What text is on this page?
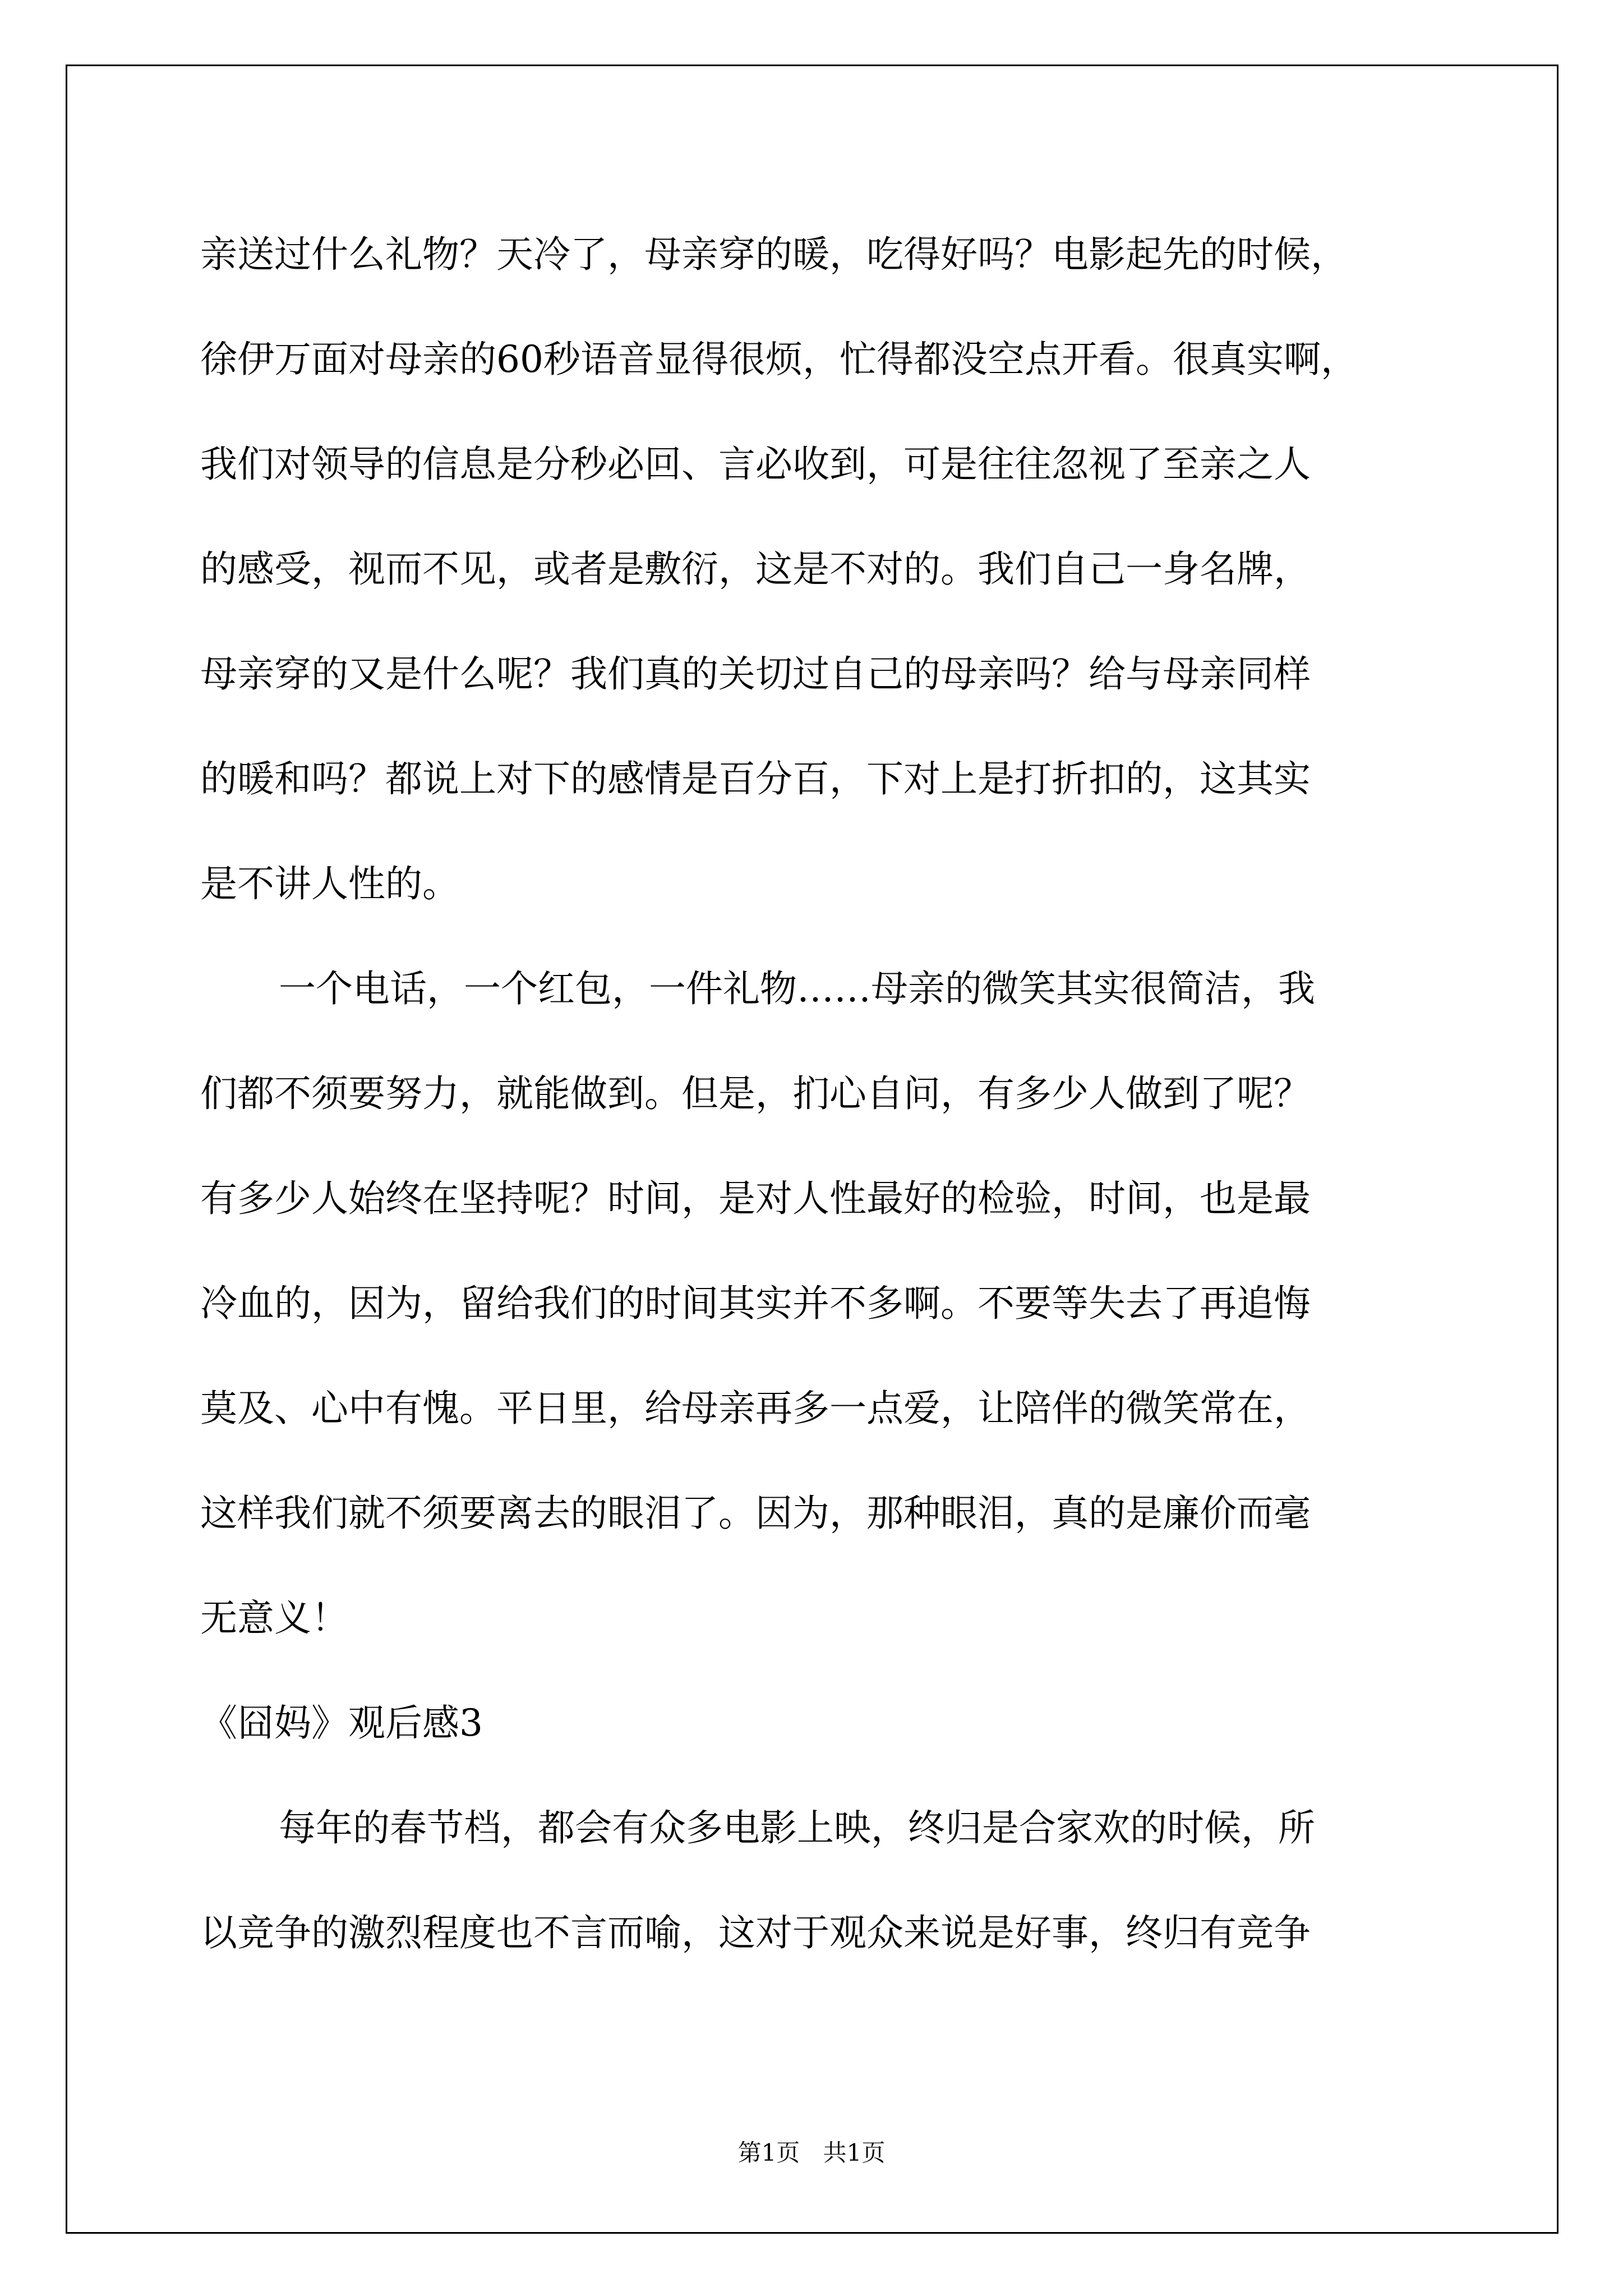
亲送过什么礼物？天冷了，母亲穿的暖，吃得好吗？电影起先的时候，
徐伊万面对母亲的60秒语音显得很烦，忙得都没空点开看。很真实啊，
我们对领导的信息是分秒必回、言必收到，可是往往忽视了至亲之人
的感受，视而不见，或者是敷衍，这是不对的。我们自己一身名牌，
母亲穿的又是什么呢？我们真的关切过自己的母亲吗？给与母亲同样
的暖和吗？都说上对下的感情是百分百，下对上是打折扣的，这其实
是不讲人性的。
一个电话，一个红包，一件礼物……母亲的微笑其实很简洁，我
们都不须要努力，就能做到。但是，扪心自问，有多少人做到了呢？
有多少人始终在坚持呢？时间，是对人性最好的检验，时间，也是最
冷血的，因为，留给我们的时间其实并不多啊。不要等失去了再追悔
莫及、心中有愧。平日里，给母亲再多一点爱，让陪伴的微笑常在，
这样我们就不须要离去的眼泪了。因为，那种眼泪，真的是廉价而毫
无意义！
《囧妈》观后感3
每年的春节档，都会有众多电影上映，终归是合家欢的时候，所
以竞争的激烈程度也不言而喻，这对于观众来说是好事，终归有竞争
第1页 共1页
